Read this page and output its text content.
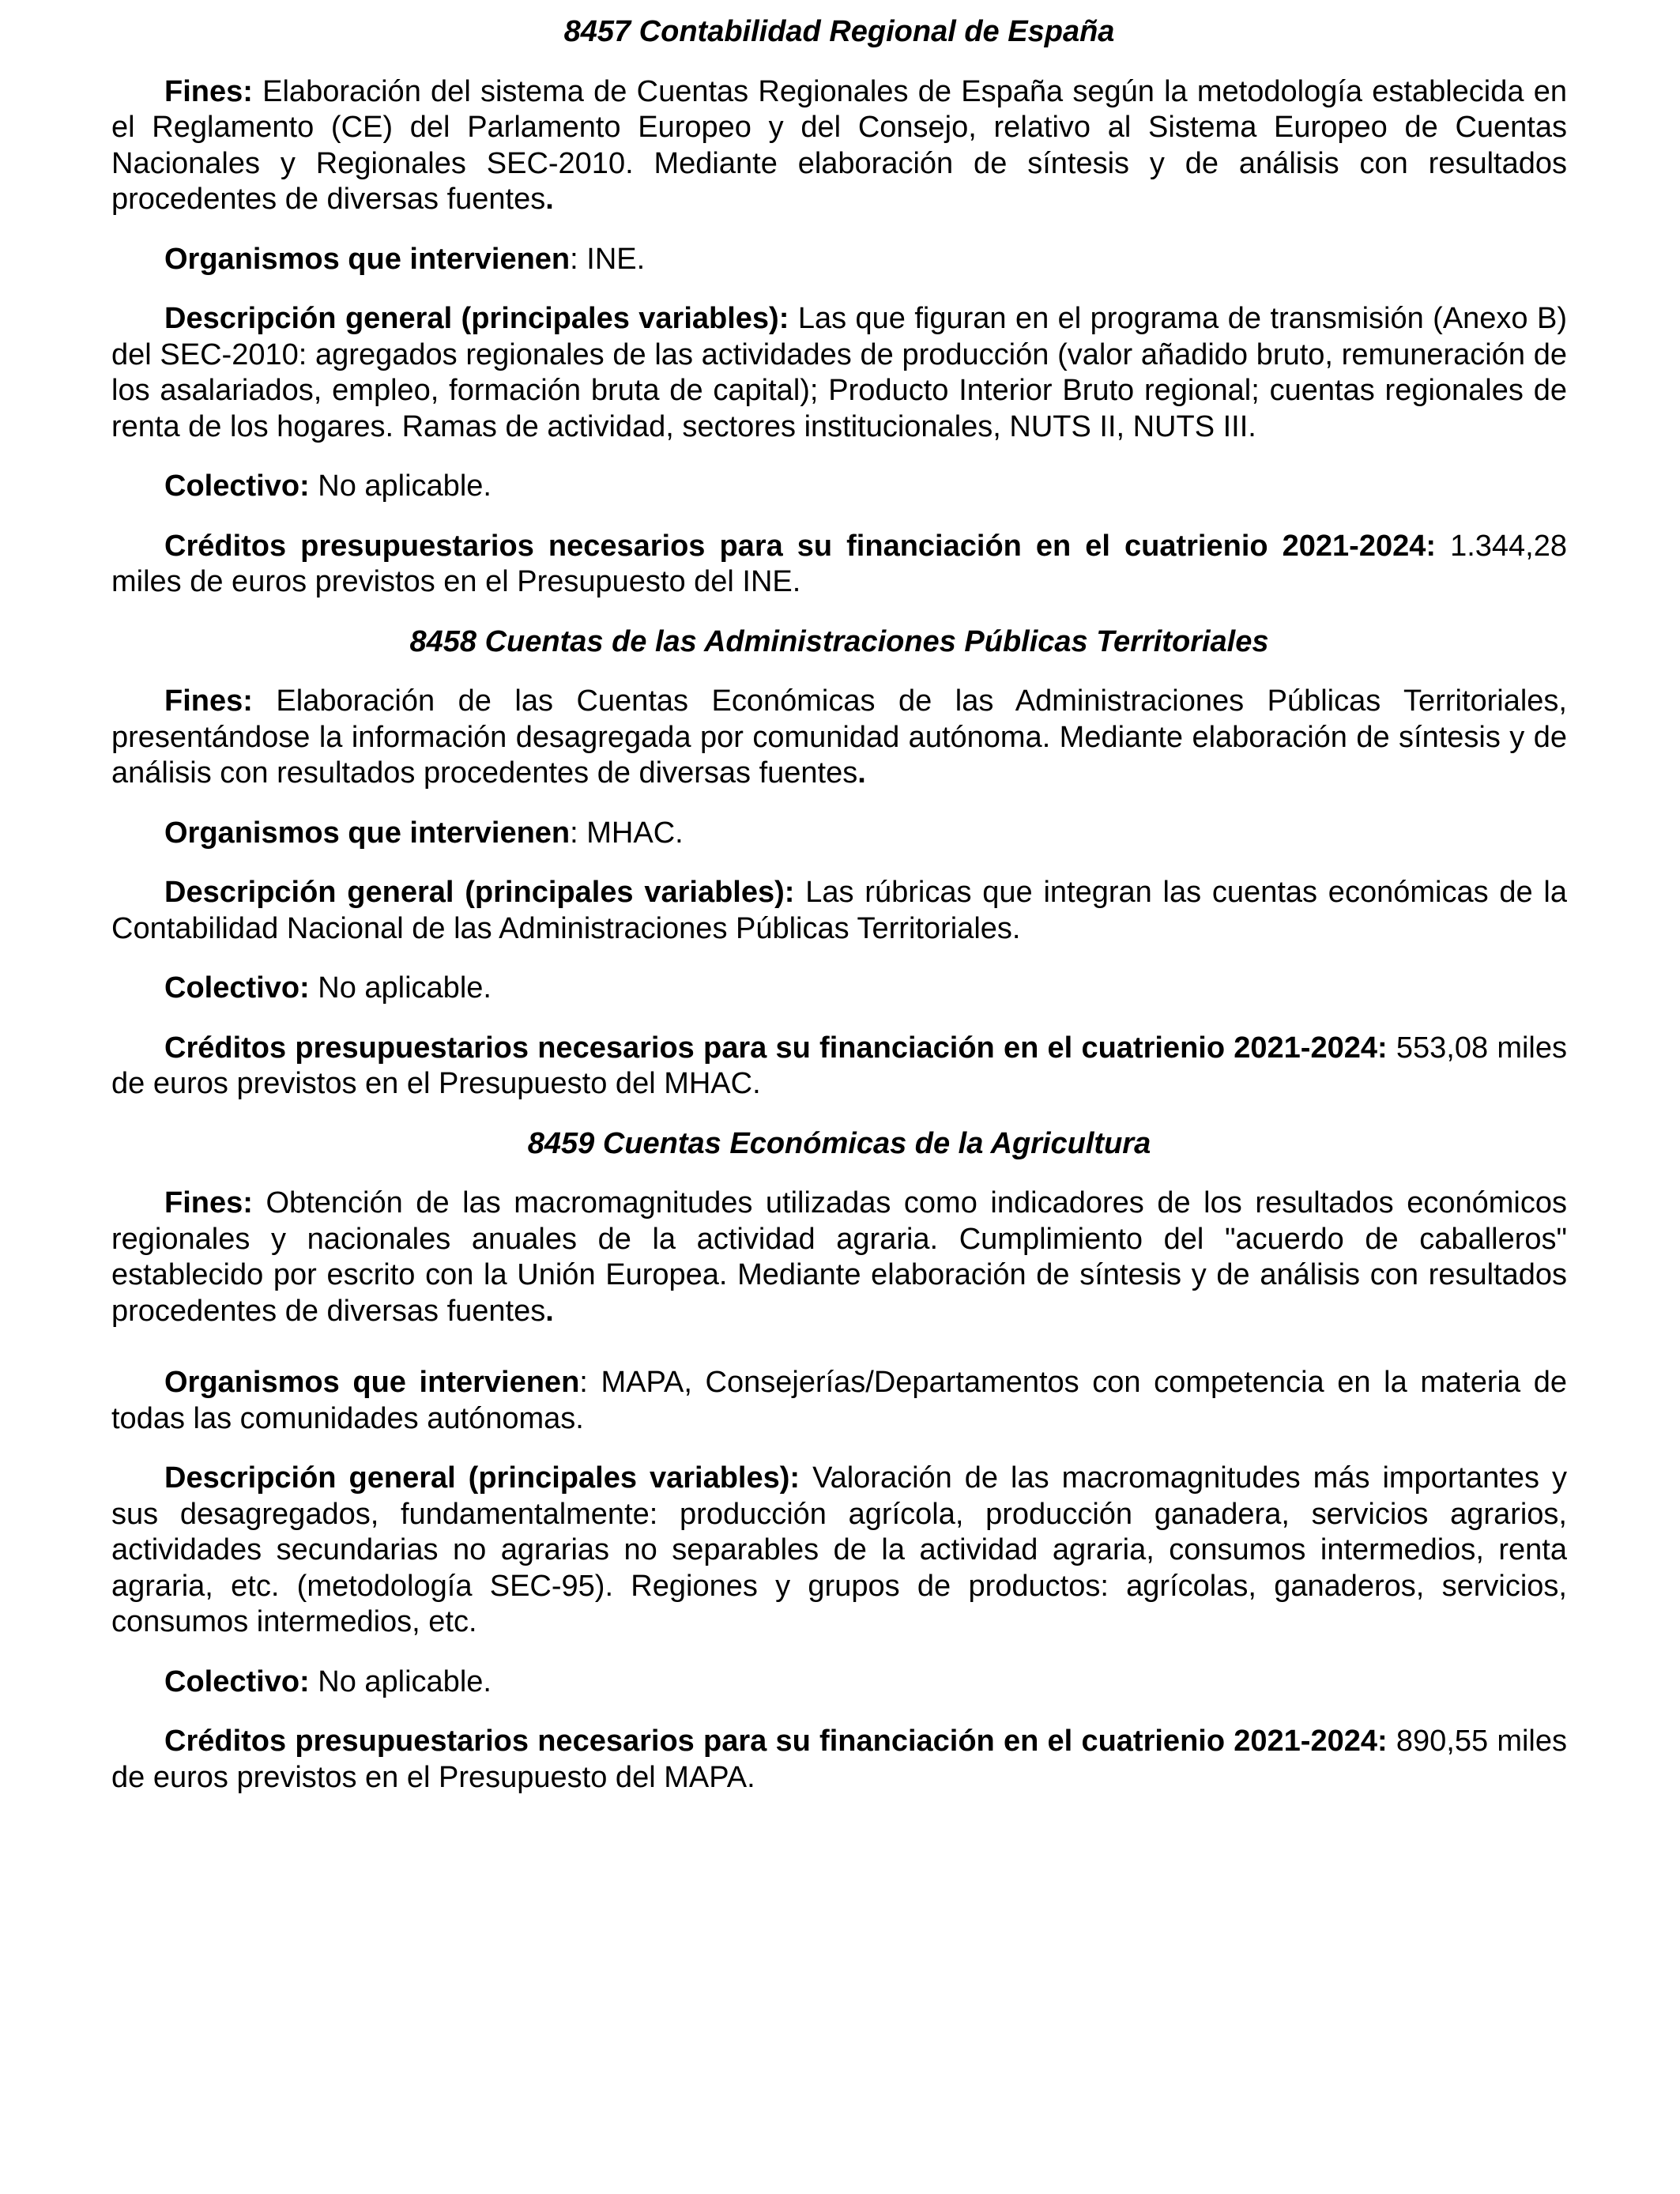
8457 Contabilidad Regional de España

Fines: Elaboración del sistema de Cuentas Regionales de España según la metodología establecida en el Reglamento (CE) del Parlamento Europeo y del Consejo, relativo al Sistema Europeo de Cuentas Nacionales y Regionales SEC-2010. Mediante elaboración de síntesis y de análisis con resultados procedentes de diversas fuentes.

Organismos que intervienen: INE.

Descripción general (principales variables): Las que figuran en el programa de transmisión (Anexo B) del SEC-2010: agregados regionales de las actividades de producción (valor añadido bruto, remuneración de los asalariados, empleo, formación bruta de capital); Producto Interior Bruto regional; cuentas regionales de renta de los hogares. Ramas de actividad, sectores institucionales, NUTS II, NUTS III.

Colectivo: No aplicable.

Créditos presupuestarios necesarios para su financiación en el cuatrienio 2021-2024: 1.344,28 miles de euros previstos en el Presupuesto del INE.

8458 Cuentas de las Administraciones Públicas Territoriales

Fines: Elaboración de las Cuentas Económicas de las Administraciones Públicas Territoriales, presentándose la información desagregada por comunidad autónoma. Mediante elaboración de síntesis y de análisis con resultados procedentes de diversas fuentes.

Organismos que intervienen: MHAC.

Descripción general (principales variables): Las rúbricas que integran las cuentas económicas de la Contabilidad Nacional de las Administraciones Públicas Territoriales.

Colectivo: No aplicable.

Créditos presupuestarios necesarios para su financiación en el cuatrienio 2021-2024: 553,08 miles de euros previstos en el Presupuesto del MHAC.

8459 Cuentas Económicas de la Agricultura

Fines: Obtención de las macromagnitudes utilizadas como indicadores de los resultados económicos regionales y nacionales anuales de la actividad agraria. Cumplimiento del "acuerdo de caballeros" establecido por escrito con la Unión Europea. Mediante elaboración de síntesis y de análisis con resultados procedentes de diversas fuentes.

Organismos que intervienen: MAPA, Consejerías/Departamentos con competencia en la materia de todas las comunidades autónomas.

Descripción general (principales variables): Valoración de las macromagnitudes más importantes y sus desagregados, fundamentalmente: producción agrícola, producción ganadera, servicios agrarios, actividades secundarias no agrarias no separables de la actividad agraria, consumos intermedios, renta agraria, etc. (metodología SEC-95). Regiones y grupos de productos: agrícolas, ganaderos, servicios, consumos intermedios, etc.

Colectivo: No aplicable.

Créditos presupuestarios necesarios para su financiación en el cuatrienio 2021-2024: 890,55 miles de euros previstos en el Presupuesto del MAPA.
